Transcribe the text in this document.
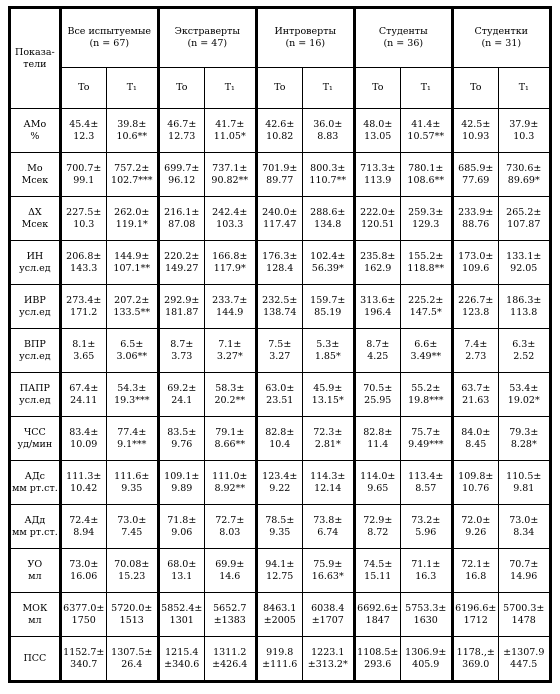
Показа-тели	Все испытуемые
(n = 67)		Экстраверты
(n = 47)		Интроверты
(n = 16)		Студенты
(n = 36)		Студентки
(n = 31)	

	To	T₁	To	T₁	To	T₁	To	T₁	To	T₁

АМо
%	45.4±
12.3	39.8±
10.6**	46.7±
12.73	41.7±
11.05*	42.6±
10.82	36.0±
8.83	48.0±
13.05	41.4±
10.57**	42.5±
10.93	37.9±
10.3

Мо
Мсек	700.7±
99.1	757.2±
102.7***	699.7±
96.12	737.1±
90.82**	701.9±
89.77	800.3±
110.7**	713.3±
113.9	780.1±
108.6**	685.9±
77.69	730.6±
89.69*

ΔX
Мсек	227.5±
10.3	262.0±
119.1*	216.1±
87.08	242.4±
103.3	240.0±
117.47	288.6±
134.8	222.0±
120.51	259.3±
129.3	233.9±
88.76	265.2±
107.87

ИН
усл.ед	206.8±
143.3	144.9±
107.1**	220.2±
149.27	166.8±
117.9*	176.3±
128.4	102.4±
56.39*	235.8±
162.9	155.2±
118.8**	173.0±
109.6	133.1±
92.05

ИВР
усл.ед	273.4±
171.2	207.2±
133.5**	292.9±
181.87	233.7±
144.9	232.5±
138.74	159.7±
85.19	313.6±
196.4	225.2±
147.5*	226.7±
123.8	186.3±
113.8

ВПР
усл.ед	8.1±
3.65	6.5±
3.06**	8.7±
3.73	7.1±
3.27*	7.5±
3.27	5.3±
1.85*	8.7±
4.25	6.6±
3.49**	7.4±
2.73	6.3±
2.52

ПАПР
усл.ед	67.4±
24.11	54.3±
19.3***	69.2±
24.1	58.3±
20.2**	63.0±
23.51	45.9±
13.15*	70.5±
25.95	55.2±
19.8***	63.7±
21.63	53.4±
19.02*

ЧСС
уд/мин	83.4±
10.09	77.4±
9.1***	83.5±
9.76	79.1±
8.66**	82.8±
10.4	72.3±
2.81*	82.8±
11.4	75.7±
9.49***	84.0±
8.45	79.3±
8.28*

АДс
мм рт.ст.	111.3±
10.42	111.6±
9.35	109.1±
9.89	111.0±
8.92**	123.4±
9.22	114.3±
12.14	114.0±
9.65	113.4±
8.57	109.8±
10.76	110.5±
9.81

АДд
мм рт.ст.	72.4±
8.94	73.0±
7.45	71.8±
9.06	72.7±
8.03	78.5±
9.35	73.8±
6.74	72.9±
8.72	73.2±
5.96	72.0±
9.26	73.0±
8.34

УО
мл	73.0±
16.06	70.08±
15.23	68.0±
13.1	69.9±
14.6	94.1±
12.75	75.9±
16.63*	74.5±
15.11	71.1±
16.3	72.1±
16.8	70.7±
14.96

МОК
мл	6377.0±
1750	5720.0±
1513	5852.4±
1301	5652.7
±1383	8463.1
±2005	6038.4
±1707	6692.6±
1847	5753.3±
1630	6196.6±
1712	5700.3±
1478

ПСС	1152.7±
340.7	1307.5±
26.4	1215.4
±340.6	1311.2
±426.4	919.8
±111.6	1223.1
±313.2*	1108.5±
293.6	1306.9±
405.9	1178.,±
369.0	±1307.9
447.5
